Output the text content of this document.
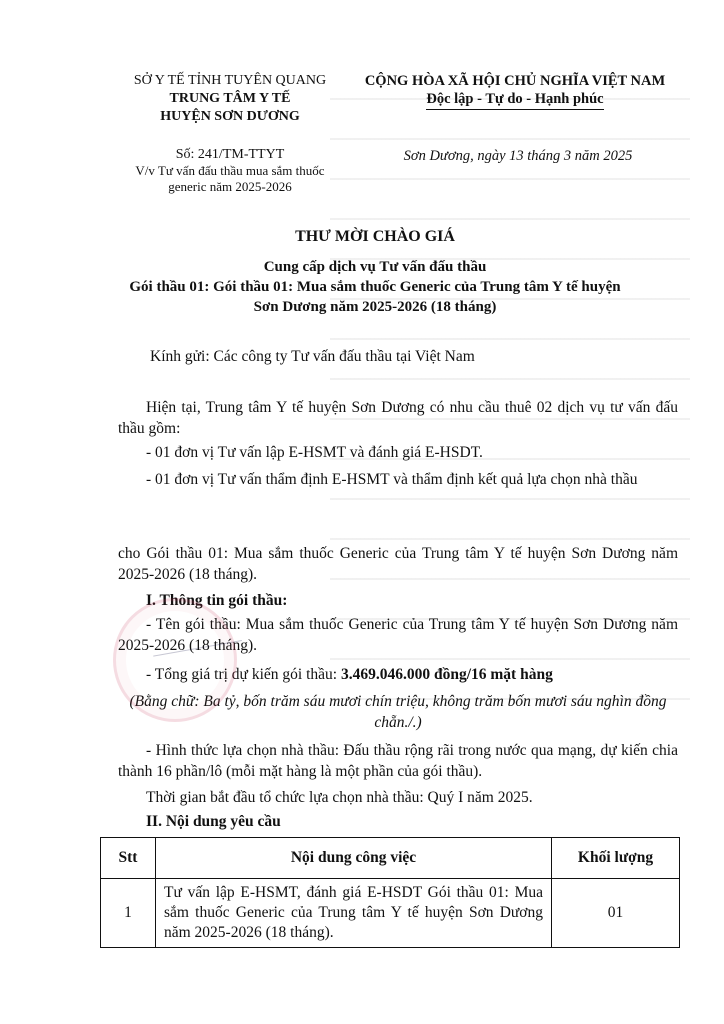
SỞ Y TẾ TỈNH TUYÊN QUANG
TRUNG TÂM Y TẾ
HUYỆN SƠN DƯƠNG
CỘNG HÒA XÃ HỘI CHỦ NGHĨA VIỆT NAM
Độc lập - Tự do - Hạnh phúc
Số: 241/TM-TTYT
V/v Tư vấn đấu thầu mua sắm thuốc
generic năm 2025-2026
Sơn Dương, ngày 13 tháng 3 năm 2025
THƯ MỜI CHÀO GIÁ
Cung cấp dịch vụ Tư vấn đấu thầu
Gói thầu 01: Gói thầu 01: Mua sắm thuốc Generic của Trung tâm Y tế huyện
Sơn Dương năm 2025-2026 (18 tháng)
Kính gửi: Các công ty Tư vấn đấu thầu tại Việt Nam
Hiện tại, Trung tâm Y tế huyện Sơn Dương có nhu cầu thuê 02 dịch vụ tư vấn đấu thầu gồm:
- 01 đơn vị Tư vấn lập E-HSMT và đánh giá E-HSDT.
- 01 đơn vị Tư vấn thẩm định E-HSMT và thẩm định kết quả lựa chọn nhà thầu
cho Gói thầu 01: Mua sắm thuốc Generic của Trung tâm Y tế huyện Sơn Dương năm 2025-2026 (18 tháng).
I. Thông tin gói thầu:
- Tên gói thầu: Mua sắm thuốc Generic của Trung tâm Y tế huyện Sơn Dương năm 2025-2026 (18 tháng).
- Tổng giá trị dự kiến gói thầu: 3.469.046.000 đồng/16 mặt hàng
(Bằng chữ: Ba tỷ, bốn trăm sáu mươi chín triệu, không trăm bốn mươi sáu nghìn đồng chẵn./.)
- Hình thức lựa chọn nhà thầu: Đấu thầu rộng rãi trong nước qua mạng, dự kiến chia thành 16 phần/lô (mỗi mặt hàng là một phần của gói thầu).
Thời gian bắt đầu tổ chức lựa chọn nhà thầu: Quý I năm 2025.
II. Nội dung yêu cầu
Stt	Nội dung công việc	Khối lượng
1	Tư vấn lập E-HSMT, đánh giá E-HSDT Gói thầu 01: Mua sắm thuốc Generic của Trung tâm Y tế huyện Sơn Dương năm 2025-2026 (18 tháng).	01
